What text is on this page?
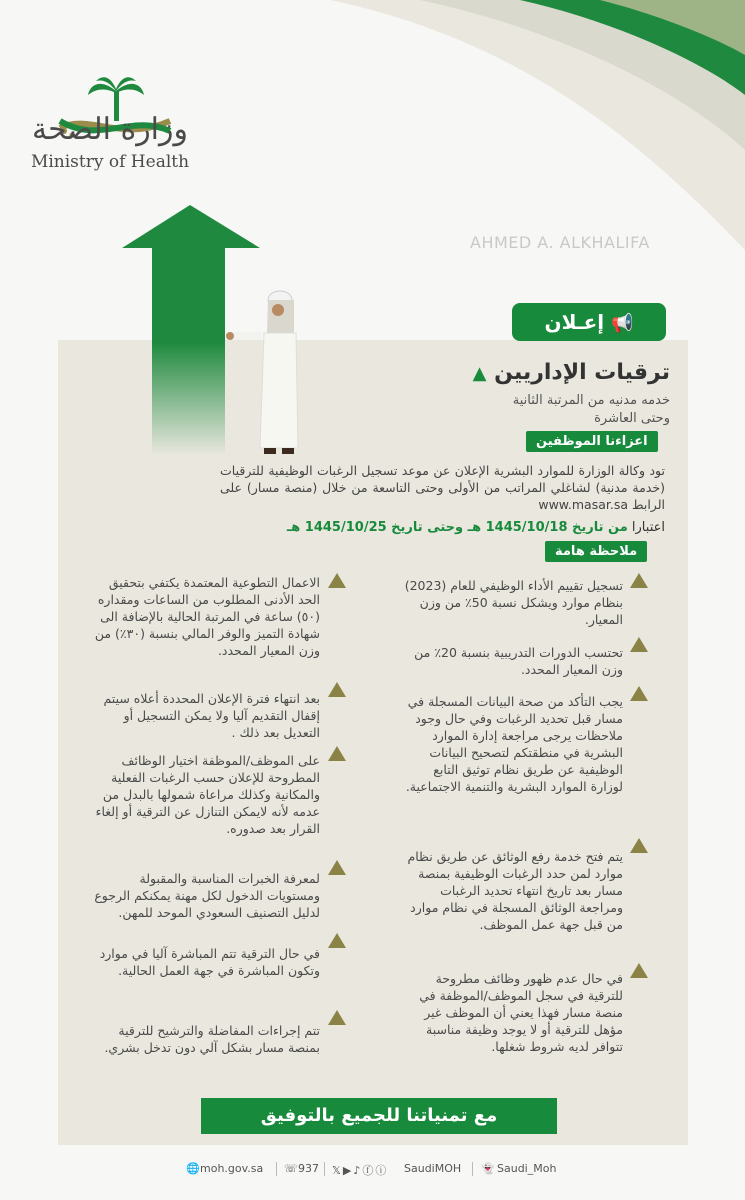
وزارة الصحة
Ministry of Health
AHMED A. ALKHALIFA
📢 إعـلان
ترقيات الإداريين ▲
خدمه مدنيه من المرتبة الثانية
وحتى العاشرة
اعزاءنا الموظفين
تود وكالة الوزارة للموارد البشرية الإعلان عن موعد تسجيل الرغبات الوظيفية للترقيات (خدمة مدنية) لشاغلي المراتب من الأولى وحتى التاسعة من خلال (منصة مسار) على الرابط www.masar.sa
اعتبارا من تاريخ 1445/10/18 هـ وحتى تاريخ 1445/10/25 هـ
ملاحظة هامة
تسجيل تقييم الأداء الوظيفي للعام (2023) بنظام موارد ويشكل نسبة 50٪ من وزن المعيار.
تحتسب الدورات التدريبية بنسبة 20٪ من وزن المعيار المحدد.
يجب التأكد من صحة البيانات المسجلة في مسار قبل تحديد الرغبات وفي حال وجود ملاحظات يرجى مراجعة إدارة الموارد البشرية في منطقتكم لتصحيح البيانات الوظيفية عن طريق نظام توثيق التابع لوزارة الموارد البشرية والتنمية الاجتماعية.
يتم فتح خدمة رفع الوثائق عن طريق نظام موارد لمن حدد الرغبات الوظيفية بمنصة مسار بعد تاريخ انتهاء تحديد الرغبات ومراجعة الوثائق المسجلة في نظام موارد من قبل جهة عمل الموظف.
في حال عدم ظهور وظائف مطروحة للترقية في سجل الموظف/الموظفة في منصة مسار فهذا يعني أن الموظف غير مؤهل للترقية أو لا يوجد وظيفة مناسبة تتوافر لديه شروط شغلها.
الاعمال التطوعية المعتمدة يكتفي بتحقيق الحد الأدنى المطلوب من الساعات ومقداره (٥٠) ساعة في المرتبة الحالية بالإضافة الى شهادة التميز والوفر المالي بنسبة (٣٠٪) من وزن المعيار المحدد.
بعد انتهاء فترة الإعلان المحددة أعلاه سيتم إقفال التقديم آليا ولا يمكن التسجيل أو التعديل بعد ذلك .
على الموظف/الموظفة اختيار الوظائف المطروحة للإعلان حسب الرغبات الفعلية والمكانية وكذلك مراعاة شمولها بالبدل من عدمه لأنه لايمكن التنازل عن الترقية أو إلغاء القرار بعد صدوره.
لمعرفة الخبرات المناسبة والمقبولة ومستويات الدخول لكل مهنة يمكنكم الرجوع لدليل التصنيف السعودي الموحد للمهن.
في حال الترقية تتم المباشرة آليا في موارد وتكون المباشرة في جهة العمل الحالية.
تتم إجراءات المفاضلة والترشيح للترقية بمنصة مسار بشكل آلي دون تدخل بشري.
مع تمنياتنا للجميع بالتوفيق
🌐 moh.gov.sa ☏ 937 𝕏▶♪ⓕⓘ SaudiMOH 👻 Saudi_Moh
